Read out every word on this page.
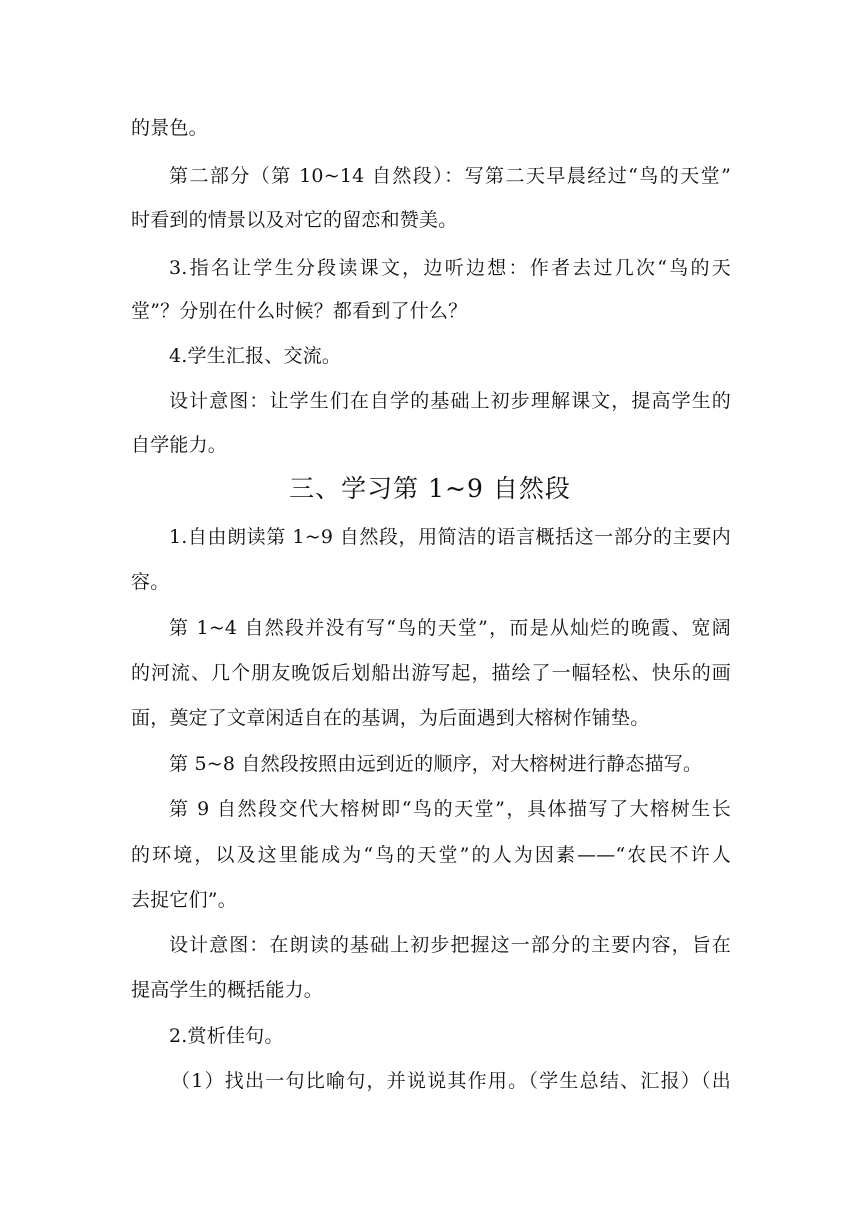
的景色。
第二部分（第 10~14 自然段）：写第二天早晨经过“鸟的天堂”
时看到的情景以及对它的留恋和赞美。
3.指名让学生分段读课文，边听边想：作者去过几次“鸟的天
堂”？分别在什么时候？都看到了什么？
4.学生汇报、交流。
设计意图：让学生们在自学的基础上初步理解课文，提高学生的
自学能力。
三、学习第 1~9 自然段
1.自由朗读第 1~9 自然段，用简洁的语言概括这一部分的主要内
容。
第 1~4 自然段并没有写“鸟的天堂”，而是从灿烂的晚霞、宽阔
的河流、几个朋友晚饭后划船出游写起，描绘了一幅轻松、快乐的画
面，奠定了文章闲适自在的基调，为后面遇到大榕树作铺垫。
第 5~8 自然段按照由远到近的顺序，对大榕树进行静态描写。
第 9 自然段交代大榕树即“鸟的天堂”，具体描写了大榕树生长
的环境，以及这里能成为“鸟的天堂”的人为因素——“农民不许人
去捉它们”。
设计意图：在朗读的基础上初步把握这一部分的主要内容，旨在
提高学生的概括能力。
2.赏析佳句。
（1）找出一句比喻句，并说说其作用。（学生总结、汇报）（出
